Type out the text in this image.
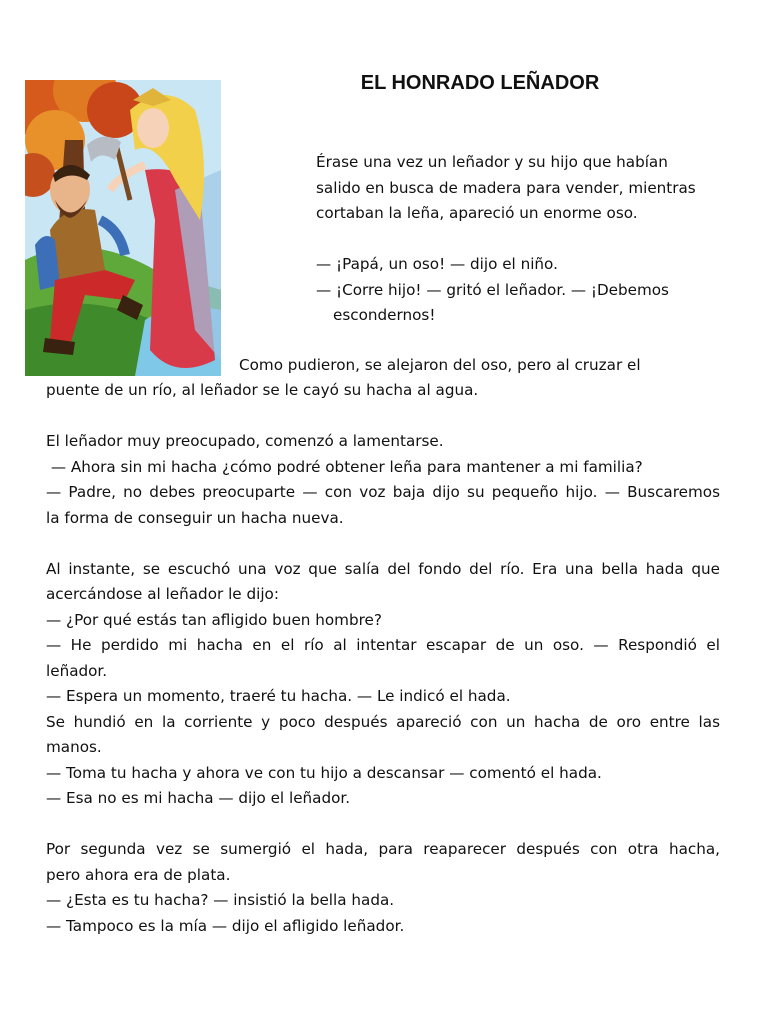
EL HONRADO LEÑADOR

Érase una vez un leñador y su hijo que habían

salido en busca de madera para vender, mientras

cortaban la leña, apareció un enorme oso.

— ¡Papá, un oso! — dijo el niño.

— ¡Corre hijo! — gritó el leñador. — ¡Debemos

escondernos!

Como pudieron, se alejaron del oso, pero al cruzar el

puente de un río, al leñador se le cayó su hacha al agua.

El leñador muy preocupado, comenzó a lamentarse.

— Ahora sin mi hacha ¿cómo podré obtener leña para mantener a mi familia?

— Padre, no debes preocuparte — con voz baja dijo su pequeño hijo. — Buscaremos

la forma de conseguir un hacha nueva.

Al instante, se escuchó una voz que salía del fondo del río. Era una bella hada que

acercándose al leñador le dijo:

— ¿Por qué estás tan afligido buen hombre?

— He perdido mi hacha en el río al intentar escapar de un oso. — Respondió el

leñador.

— Espera un momento, traeré tu hacha. — Le indicó el hada.

Se hundió en la corriente y poco después apareció con un hacha de oro entre las

manos.

— Toma tu hacha y ahora ve con tu hijo a descansar — comentó el hada.

— Esa no es mi hacha — dijo el leñador.

Por segunda vez se sumergió el hada, para reaparecer después con otra hacha,

pero ahora era de plata.

— ¿Esta es tu hacha? — insistió la bella hada.

— Tampoco es la mía — dijo el afligido leñador.
